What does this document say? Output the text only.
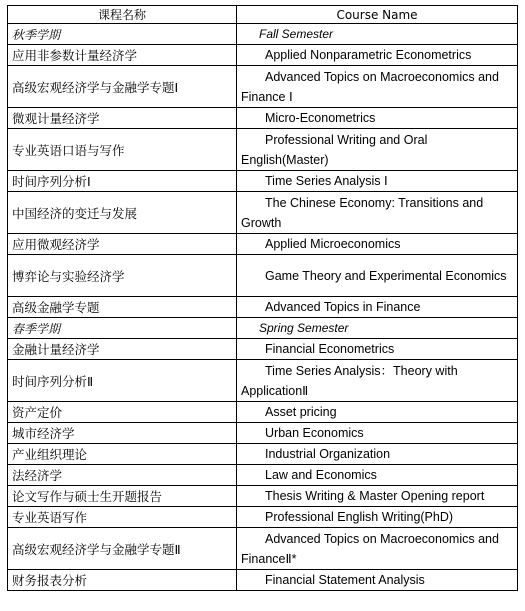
课程名称	Course Name
秋季学期	Fall Semester

应用非参数计量经济学	Applied Nonparametric Econometrics

高级宏观经济学与金融学专题Ⅰ	Advanced Topics on Macroeconomics and Finance Ⅰ

微观计量经济学	Micro-Econometrics

专业英语口语与写作	Professional Writing and Oral English(Master)

时间序列分析Ⅰ	Time Series Analysis Ⅰ

中国经济的变迁与发展	The Chinese Economy: Transitions and Growth

应用微观经济学	Applied Microeconomics

博弈论与实验经济学	Game Theory and Experimental Economics

高级金融学专题	Advanced Topics in Finance

春季学期	Spring Semester

金融计量经济学	Financial Econometrics

时间序列分析Ⅱ	Time Series Analysis：Theory with ApplicationⅡ

资产定价	Asset pricing

城市经济学	Urban Economics

产业组织理论	Industrial Organization

法经济学	Law and Economics

论文写作与硕士生开题报告	Thesis Writing & Master Opening report

专业英语写作	Professional English Writing(PhD)

高级宏观经济学与金融学专题Ⅱ	Advanced Topics on Macroeconomics and FinanceⅡ*

财务报表分析	Financial Statement Analysis
